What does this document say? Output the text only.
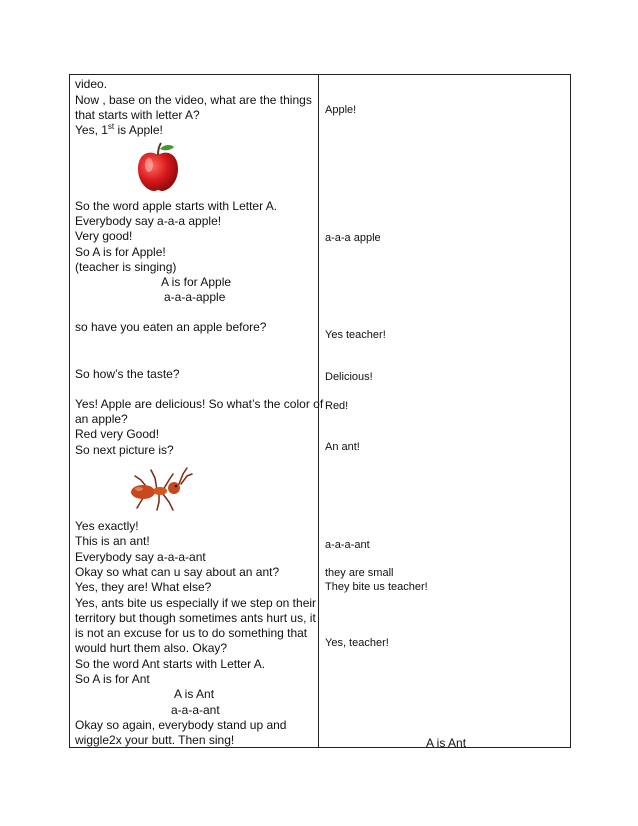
video.
Now , base on the video, what are the things
that starts with letter A?
Yes, 1st is Apple!
So the word apple starts with Letter A.
Everybody say a-a-a apple!
Very good!
So A is for Apple!
(teacher is singing)
A is for Apple
a-a-a-apple
so have you eaten an apple before?
So how’s the taste?
Yes! Apple are delicious! So what’s the color of
an apple?
Red very Good!
So next picture is?
Yes exactly!
This is an ant!
Everybody say a-a-a-ant
Okay so what can u say about an ant?
Yes, they are! What else?
Yes, ants bite us especially if we step on their
territory but though sometimes ants hurt us, it
is not an excuse for us to do something that
would hurt them also. Okay?
So the word Ant starts with Letter A.
So A is for Ant
A is Ant
a-a-a-ant
Okay so again, everybody stand up and
wiggle2x your butt. Then sing!
Apple!
a-a-a apple
Yes teacher!
Delicious!
Red!
An ant!
a-a-a-ant
they are small
They bite us teacher!
Yes, teacher!
A is Ant
